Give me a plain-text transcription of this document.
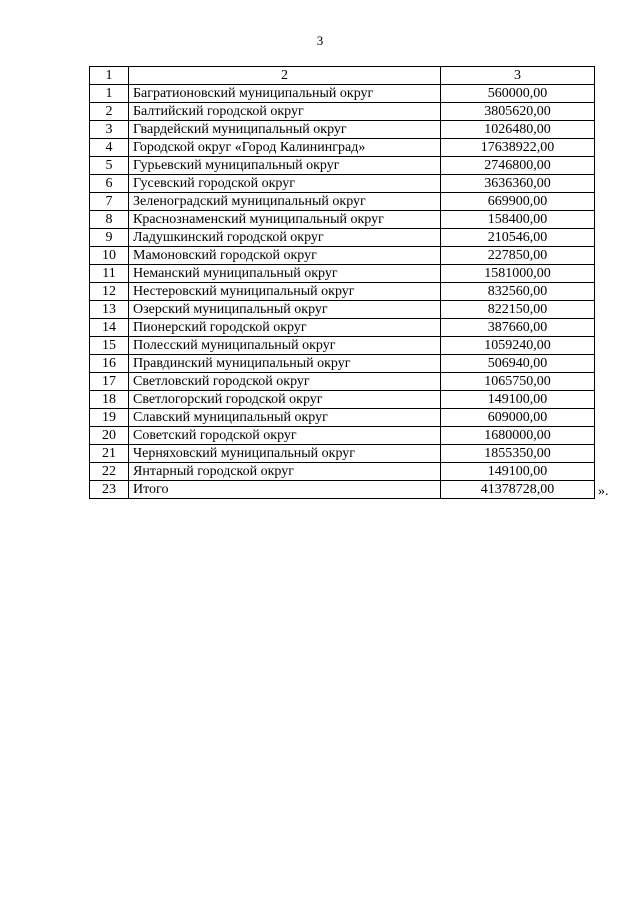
3
1	2	3
1	Багратионовский муниципальный округ	560000,00
2	Балтийский городской округ	3805620,00
3	Гвардейский муниципальный округ	1026480,00
4	Городской округ «Город Калининград»	17638922,00
5	Гурьевский муниципальный округ	2746800,00
6	Гусевский городской округ	3636360,00
7	Зеленоградский муниципальный округ	669900,00
8	Краснознаменский муниципальный округ	158400,00
9	Ладушкинский городской округ	210546,00
10	Мамоновский городской округ	227850,00
11	Неманский муниципальный округ	1581000,00
12	Нестеровский муниципальный округ	832560,00
13	Озерский муниципальный округ	822150,00
14	Пионерский городской округ	387660,00
15	Полесский муниципальный округ	1059240,00
16	Правдинский муниципальный округ	506940,00
17	Светловский городской округ	1065750,00
18	Светлогорский городской округ	149100,00
19	Славский муниципальный округ	609000,00
20	Советский городской округ	1680000,00
21	Черняховский муниципальный округ	1855350,00
22	Янтарный городской округ	149100,00
23	Итого	41378728,00	».
